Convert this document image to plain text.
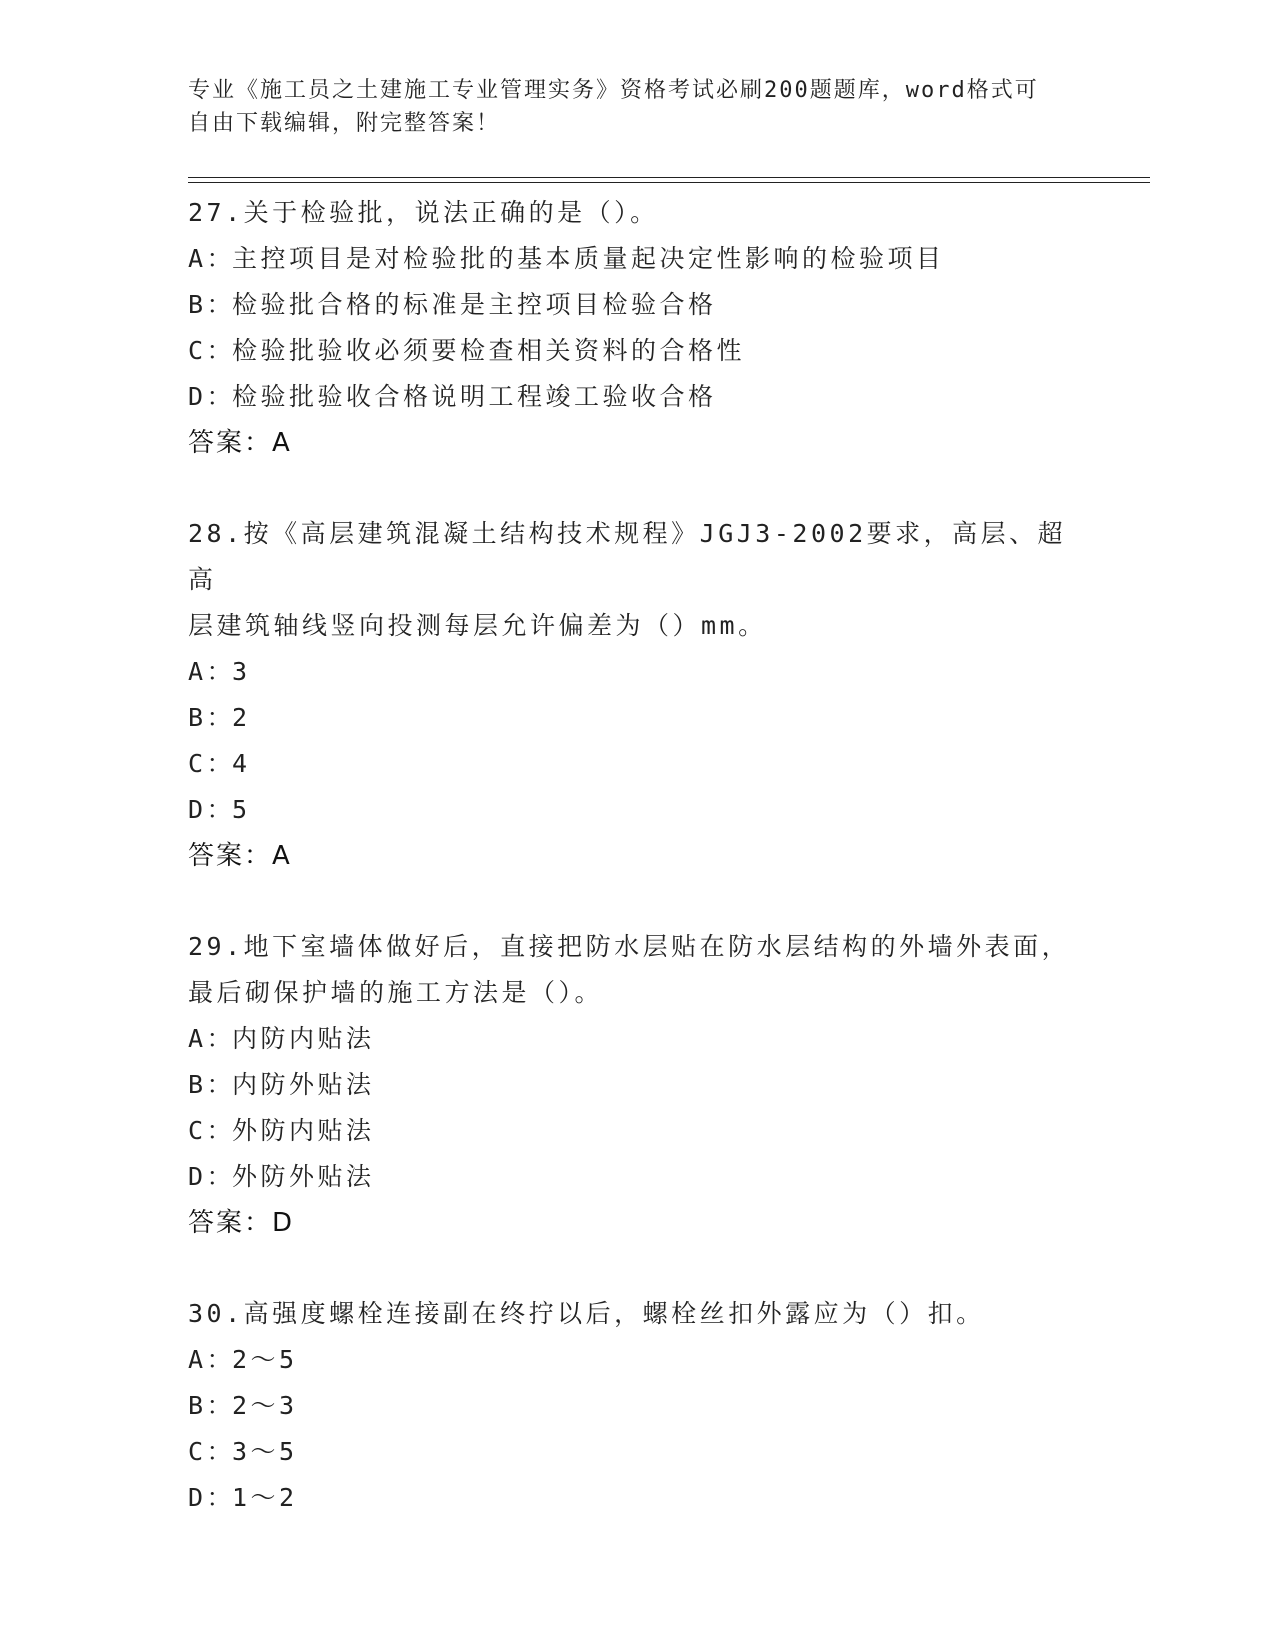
专业《施工员之土建施工专业管理实务》资格考试必刷200题题库，word格式可
自由下载编辑，附完整答案！
27.关于检验批，说法正确的是（）。
A：主控项目是对检验批的基本质量起决定性影响的检验项目
B：检验批合格的标准是主控项目检验合格
C：检验批验收必须要检查相关资料的合格性
D：检验批验收合格说明工程竣工验收合格
答案：A
28.按《高层建筑混凝土结构技术规程》JGJ3-2002要求，高层、超高
层建筑轴线竖向投测每层允许偏差为（）mm。
A：3
B：2
C：4
D：5
答案：A
29.地下室墙体做好后，直接把防水层贴在防水层结构的外墙外表面，
最后砌保护墙的施工方法是（）。
A：内防内贴法
B：内防外贴法
C：外防内贴法
D：外防外贴法
答案：D
30.高强度螺栓连接副在终拧以后，螺栓丝扣外露应为（）扣。
A：2～5
B：2～3
C：3～5
D：1～2
